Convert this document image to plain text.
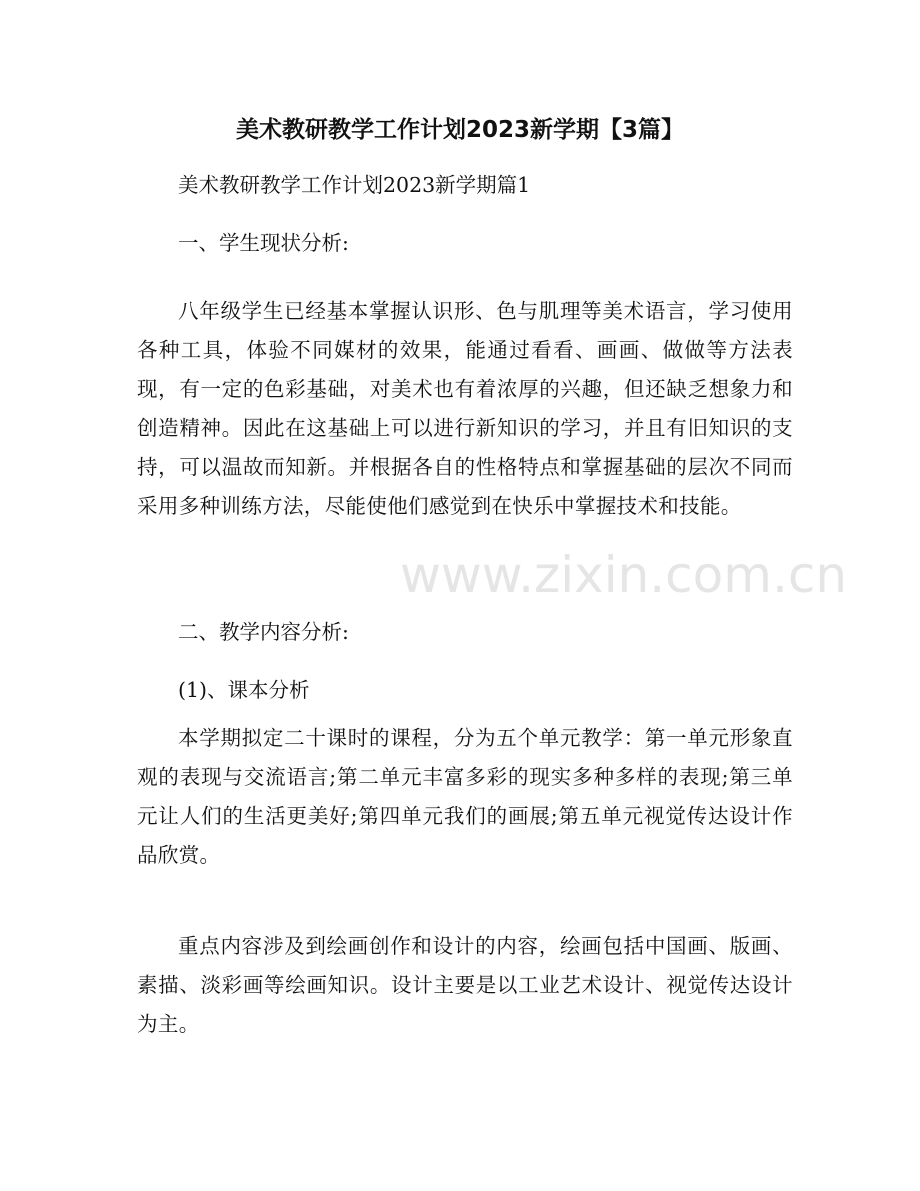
美术教研教学工作计划2023新学期【3篇】

美术教研教学工作计划2023新学期篇1

一、学生现状分析:

八年级学生已经基本掌握认识形、色与肌理等美术语言，学习使用各种工具，体验不同媒材的效果，能通过看看、画画、做做等方法表现，有一定的色彩基础，对美术也有着浓厚的兴趣，但还缺乏想象力和创造精神。因此在这基础上可以进行新知识的学习，并且有旧知识的支持，可以温故而知新。并根据各自的性格特点和掌握基础的层次不同而采用多种训练方法，尽能使他们感觉到在快乐中掌握技术和技能。

二、教学内容分析:

(1)、课本分析

本学期拟定二十课时的课程，分为五个单元教学：第一单元形象直观的表现与交流语言;第二单元丰富多彩的现实多种多样的表现;第三单元让人们的生活更美好;第四单元我们的画展;第五单元视觉传达设计作品欣赏。

重点内容涉及到绘画创作和设计的内容，绘画包括中国画、版画、素描、淡彩画等绘画知识。设计主要是以工业艺术设计、视觉传达设计为主。

www.zixin.com.cn
